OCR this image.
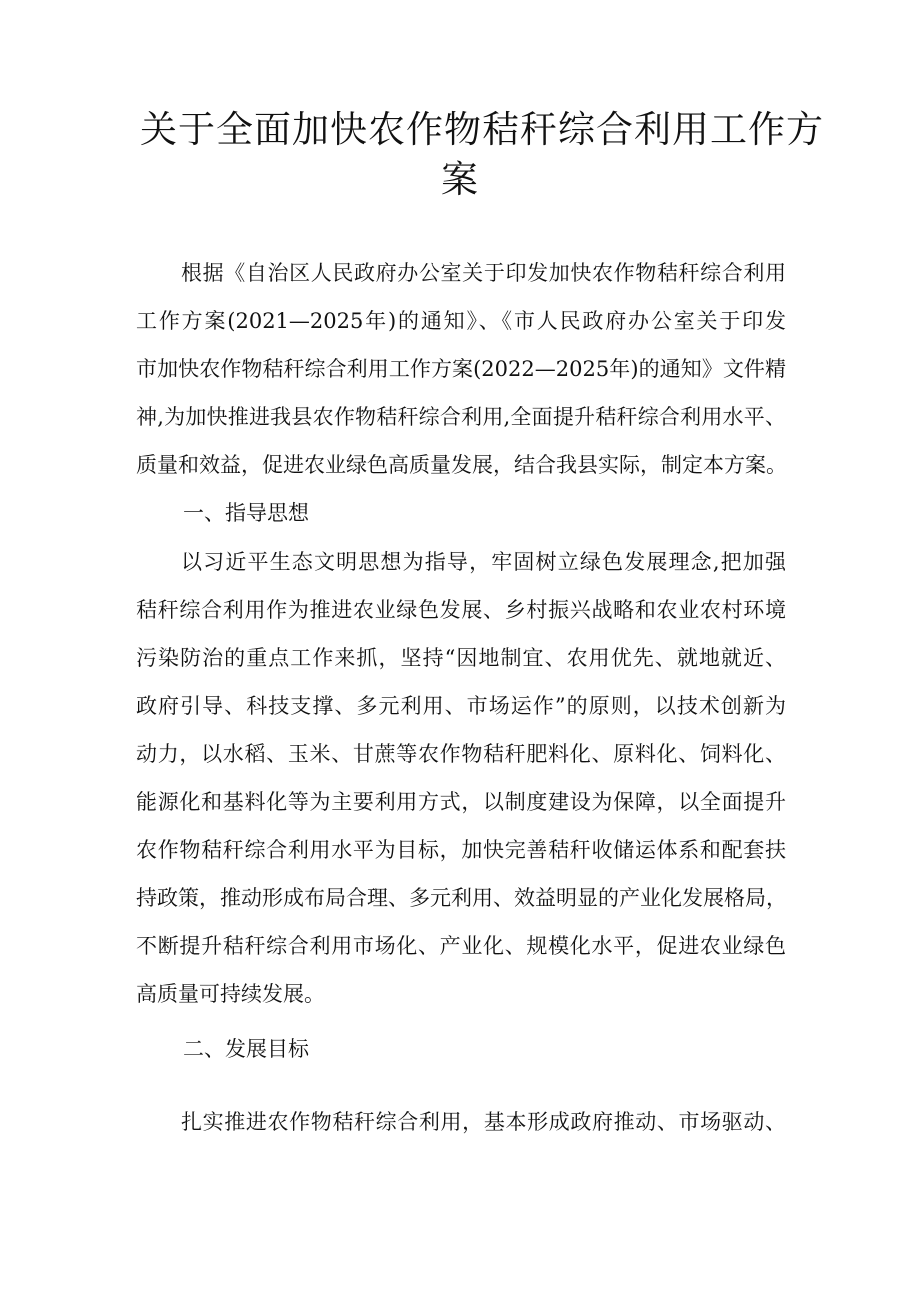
关于全面加快农作物秸秆综合利用工作方
案
根据《自治区人民政府办公室关于印发加快农作物秸秆综合利用
工作方案(2021—2025年)的通知》、《市人民政府办公室关于印发
市加快农作物秸秆综合利用工作方案(2022—2025年)的通知》文件精
神,为加快推进我县农作物秸秆综合利用,全面提升秸秆综合利用水平、
质量和效益，促进农业绿色高质量发展，结合我县实际，制定本方案。
一、指导思想
以习近平生态文明思想为指导，牢固树立绿色发展理念,把加强
秸秆综合利用作为推进农业绿色发展、乡村振兴战略和农业农村环境
污染防治的重点工作来抓，坚持“因地制宜、农用优先、就地就近、
政府引导、科技支撑、多元利用、市场运作”的原则，以技术创新为
动力，以水稻、玉米、甘蔗等农作物秸秆肥料化、原料化、饲料化、
能源化和基料化等为主要利用方式，以制度建设为保障，以全面提升
农作物秸秆综合利用水平为目标，加快完善秸秆收储运体系和配套扶
持政策，推动形成布局合理、多元利用、效益明显的产业化发展格局，
不断提升秸秆综合利用市场化、产业化、规模化水平，促进农业绿色
高质量可持续发展。
二、发展目标
扎实推进农作物秸秆综合利用，基本形成政府推动、市场驱动、
